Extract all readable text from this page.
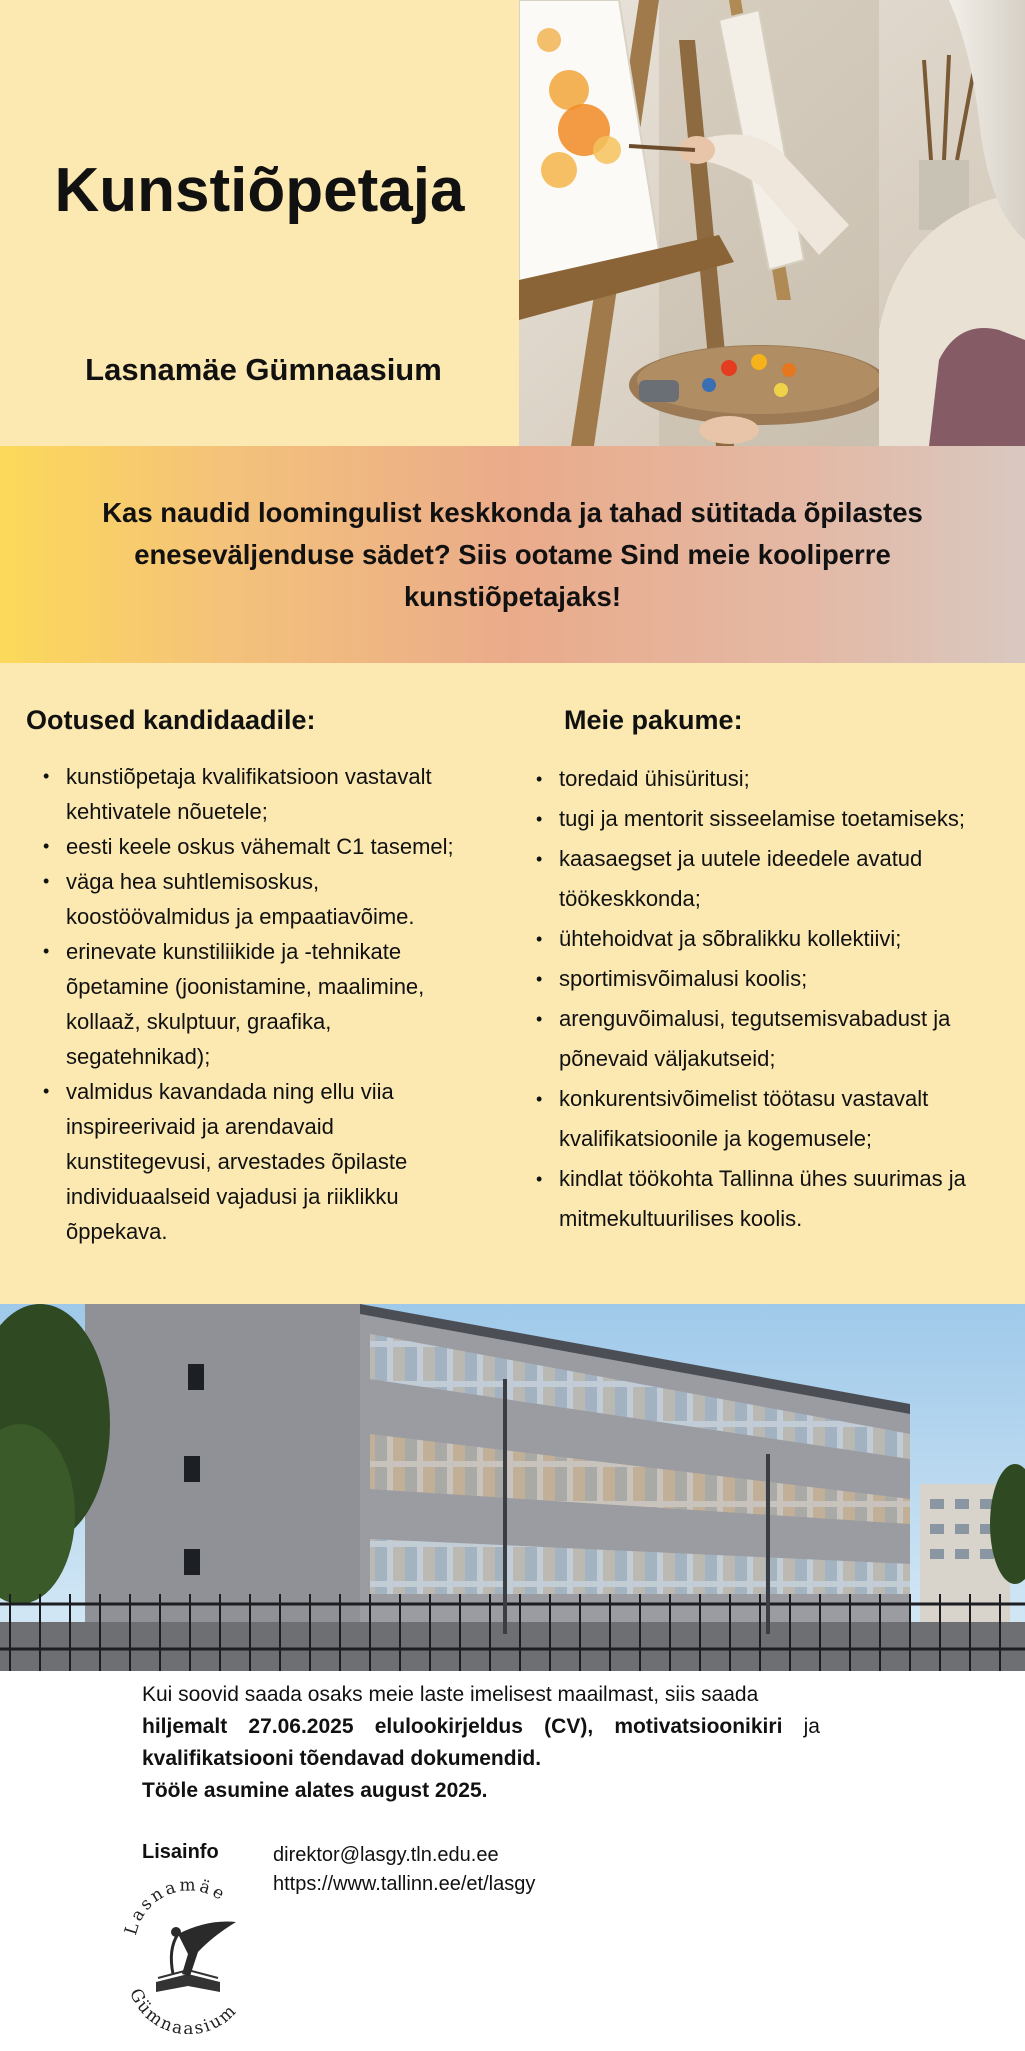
Kunstiõpetaja
Lasnamäe Gümnaasium
Kas naudid loomingulist keskkonda ja tahad sütitada õpilastes eneseväljenduse sädet? Siis ootame Sind meie kooliperre kunstiõpetajaks!
Ootused kandidaadile:	Meie pakume:
• kunstiõpetaja kvalifikatsioon vastavalt kehtivatele nõuetele;
• eesti keele oskus vähemalt C1 tasemel;
• väga hea suhtlemisoskus, koostöövalmidus ja empaatiavõime.
• erinevate kunstiliikide ja -tehnikate õpetamine (joonistamine, maalimine, kollaaž, skulptuur, graafika, segatehnikad);
• valmidus kavandada ning ellu viia inspireerivaid ja arendavaid kunstitegevusi, arvestades õpilaste individuaalseid vajadusi ja riiklikku õppekava.
• toredaid ühisüritusi;
• tugi ja mentorit sisseelamise toetamiseks;
• kaasaegset ja uutele ideedele avatud töökeskkonda;
• ühtehoidvat ja sõbralikku kollektiivi;
• sportimisvõimalusi koolis;
• arenguvõimalusi, tegutsemisvabadust ja põnevaid väljakutseid;
• konkurentsivõimelist töötasu vastavalt kvalifikatsioonile ja kogemusele;
• kindlat töökohta Tallinna ühes suurimas ja mitmekultuurilises koolis.

Kui soovid saada osaks meie laste imelisest maailmast, siis saada

hiljemalt 27.06.2025 elulookirjeldus (CV), motivatsioonikiri ja

kvalifikatsiooni tõendavad dokumendid.

Tööle asumine alates august 2025.

Lisainfo	direktor@lasgy.tln.edu.ee
https://www.tallinn.ee/et/lasgy
Lasnamäe
Gümnaasium
